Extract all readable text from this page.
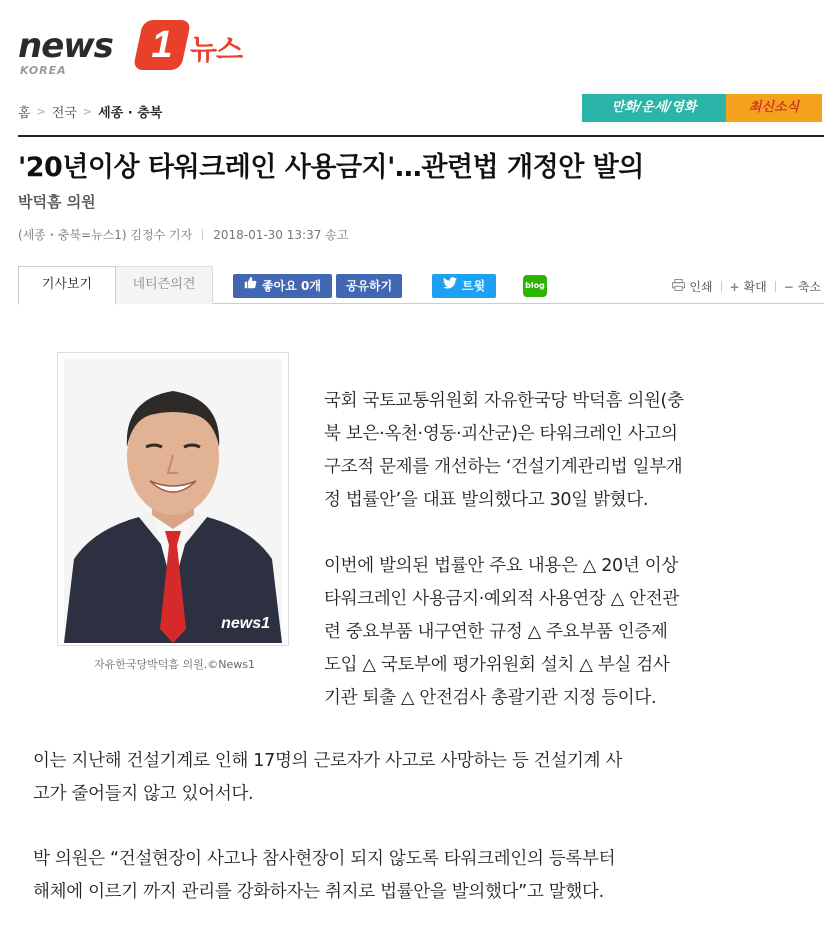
news	1 뉴스
KOREA
홈 > 전국 > 세종 · 충북	만화/운세/영화	최신소식
'20년이상 타워크레인 사용금지'…관련법 개정안 발의
박덕흠 의원
(세종・충북=뉴스1) 김정수 기자 2018-01-30 13:37 송고
기사보기	네티즌의견	좋아요 0개	공유하기	트윗	blog	인쇄 + 확대 − 축소
news1
자유한국당박덕흠 의원.©News1
국회 국토교통위원회 자유한국당 박덕흠 의원(충
북 보은·옥천·영동·괴산군)은 타워크레인 사고의
구조적 문제를 개선하는 ‘건설기계관리법 일부개
정 법률안’을 대표 발의했다고 30일 밝혔다.
이번에 발의된 법률안 주요 내용은 △ 20년 이상
타워크레인 사용금지·예외적 사용연장 △ 안전관
련 중요부품 내구연한 규정 △ 주요부품 인증제
도입 △ 국토부에 평가위원회 설치 △ 부실 검사
기관 퇴출 △ 안전검사 총괄기관 지정 등이다.
이는 지난해 건설기계로 인해 17명의 근로자가 사고로 사망하는 등 건설기계 사
고가 줄어들지 않고 있어서다.
박 의원은 “건설현장이 사고나 참사현장이 되지 않도록 타워크레인의 등록부터
해체에 이르기 까지 관리를 강화하자는 취지로 법률안을 발의했다”고 말했다.
